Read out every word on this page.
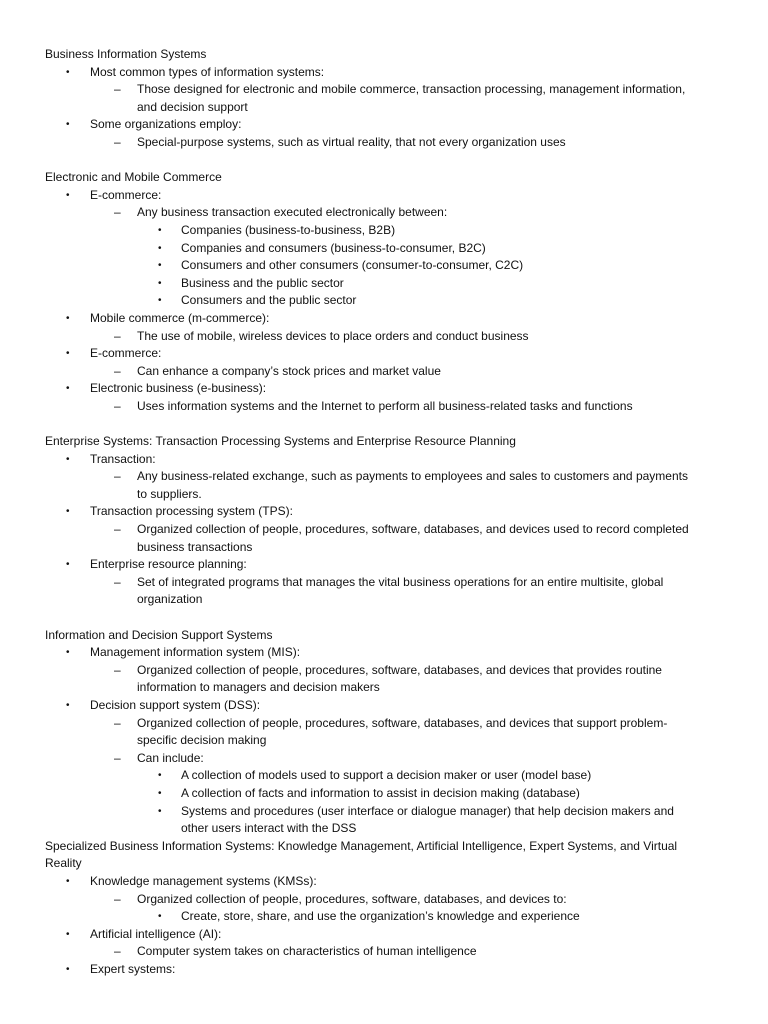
Business Information Systems
• Most common types of information systems:
– Those designed for electronic and mobile commerce, transaction processing, management information,
and decision support
• Some organizations employ:
– Special-purpose systems, such as virtual reality, that not every organization uses
Electronic and Mobile Commerce
• E-commerce:
– Any business transaction executed electronically between:
• Companies (business-to-business, B2B)
• Companies and consumers (business-to-consumer, B2C)
• Consumers and other consumers (consumer-to-consumer, C2C)
• Business and the public sector
• Consumers and the public sector
• Mobile commerce (m-commerce):
– The use of mobile, wireless devices to place orders and conduct business
• E-commerce:
– Can enhance a company’s stock prices and market value
• Electronic business (e-business):
– Uses information systems and the Internet to perform all business-related tasks and functions
Enterprise Systems: Transaction Processing Systems and Enterprise Resource Planning
• Transaction:
– Any business-related exchange, such as payments to employees and sales to customers and payments
to suppliers.
• Transaction processing system (TPS):
– Organized collection of people, procedures, software, databases, and devices used to record completed
business transactions
• Enterprise resource planning:
– Set of integrated programs that manages the vital business operations for an entire multisite, global
organization
Information and Decision Support Systems
• Management information system (MIS):
– Organized collection of people, procedures, software, databases, and devices that provides routine
information to managers and decision makers
• Decision support system (DSS):
– Organized collection of people, procedures, software, databases, and devices that support problem-
specific decision making
– Can include:
• A collection of models used to support a decision maker or user (model base)
• A collection of facts and information to assist in decision making (database)
• Systems and procedures (user interface or dialogue manager) that help decision makers and
other users interact with the DSS
Specialized Business Information Systems: Knowledge Management, Artificial Intelligence, Expert Systems, and Virtual
Reality
• Knowledge management systems (KMSs):
– Organized collection of people, procedures, software, databases, and devices to:
• Create, store, share, and use the organization’s knowledge and experience
• Artificial intelligence (AI):
– Computer system takes on characteristics of human intelligence
• Expert systems:
